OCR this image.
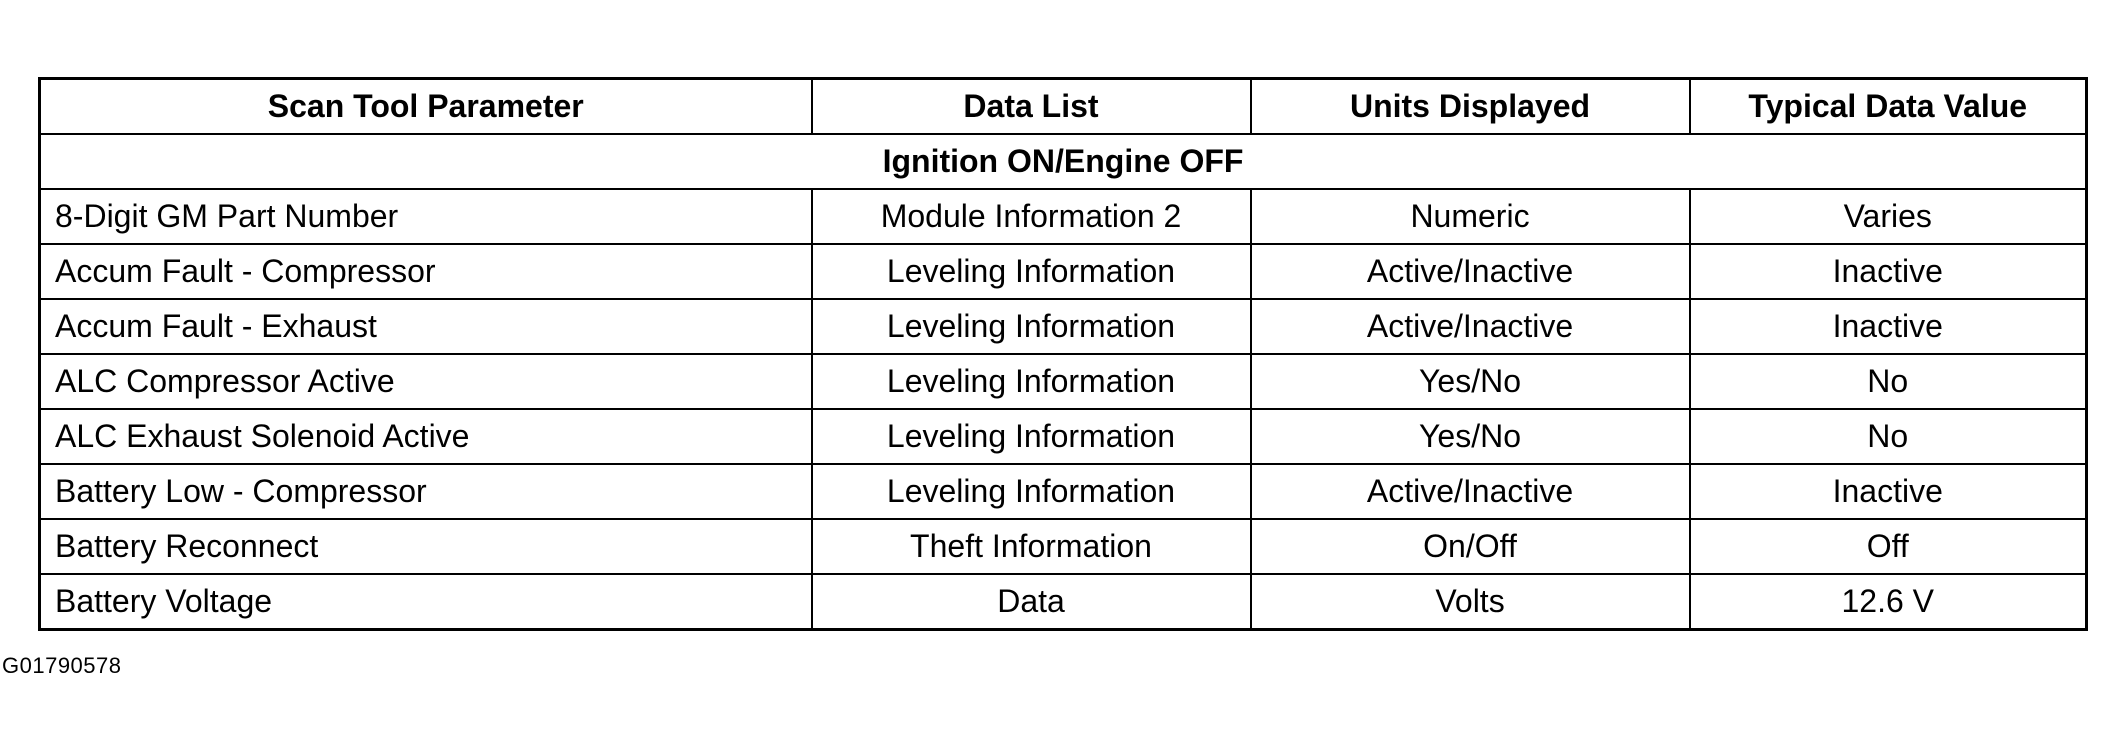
Scan Tool Parameter	Data List	Units Displayed	Typical Data Value
Ignition ON/Engine OFF			
8-Digit GM Part Number	Module Information 2	Numeric	Varies
Accum Fault - Compressor	Leveling Information	Active/Inactive	Inactive
Accum Fault - Exhaust	Leveling Information	Active/Inactive	Inactive
ALC Compressor Active	Leveling Information	Yes/No	No
ALC Exhaust Solenoid Active	Leveling Information	Yes/No	No
Battery Low - Compressor	Leveling Information	Active/Inactive	Inactive
Battery Reconnect	Theft Information	On/Off	Off
Battery Voltage	Data	Volts	12.6 V
G01790578
